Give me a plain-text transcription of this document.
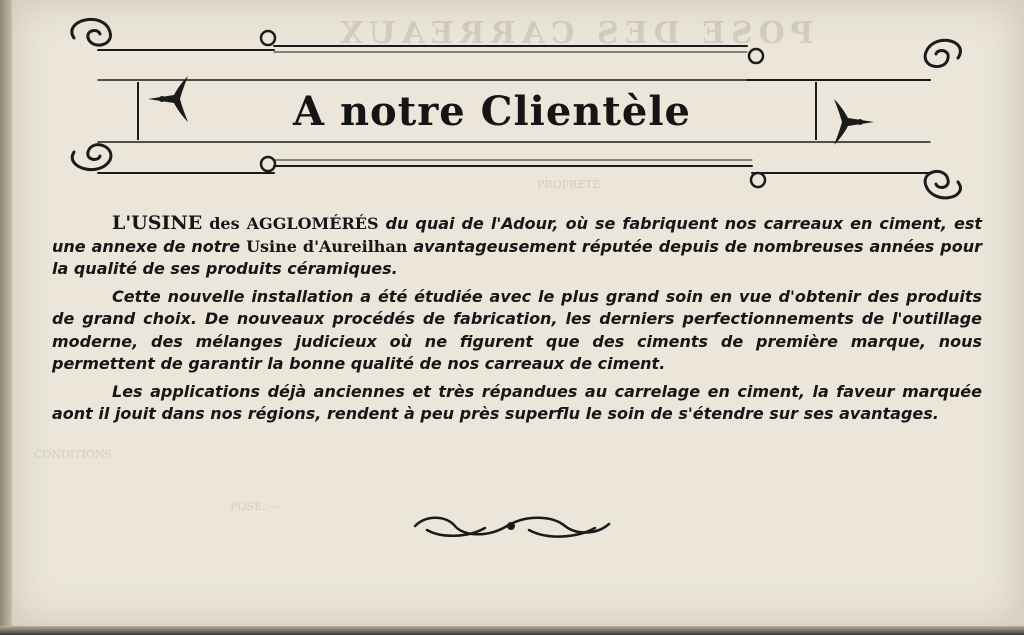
POSE DES CARREAUX
PROPRETÉ
POSE. —
CONDITIONS
A notre Clientèle

L'USINE des AGGLOMÉRÉS du quai de l'Adour, où se fabriquent nos carreaux en ciment, est une annexe de notre Usine d'Aureilhan avantageusement réputée depuis de nombreuses années pour la qualité de ses produits céramiques.

Cette nouvelle installation a été étudiée avec le plus grand soin en vue d'obtenir des produits de grand choix. De nouveaux procédés de fabrication, les derniers perfectionnements de l'outillage moderne, des mélanges judicieux où ne figurent que des ciments de première marque, nous permettent de garantir la bonne qualité de nos carreaux de ciment.

Les applications déjà anciennes et très répandues au carrelage en ciment, la faveur marquée aont il jouit dans nos régions, rendent à peu près superflu le soin de s'étendre sur ses avantages.
